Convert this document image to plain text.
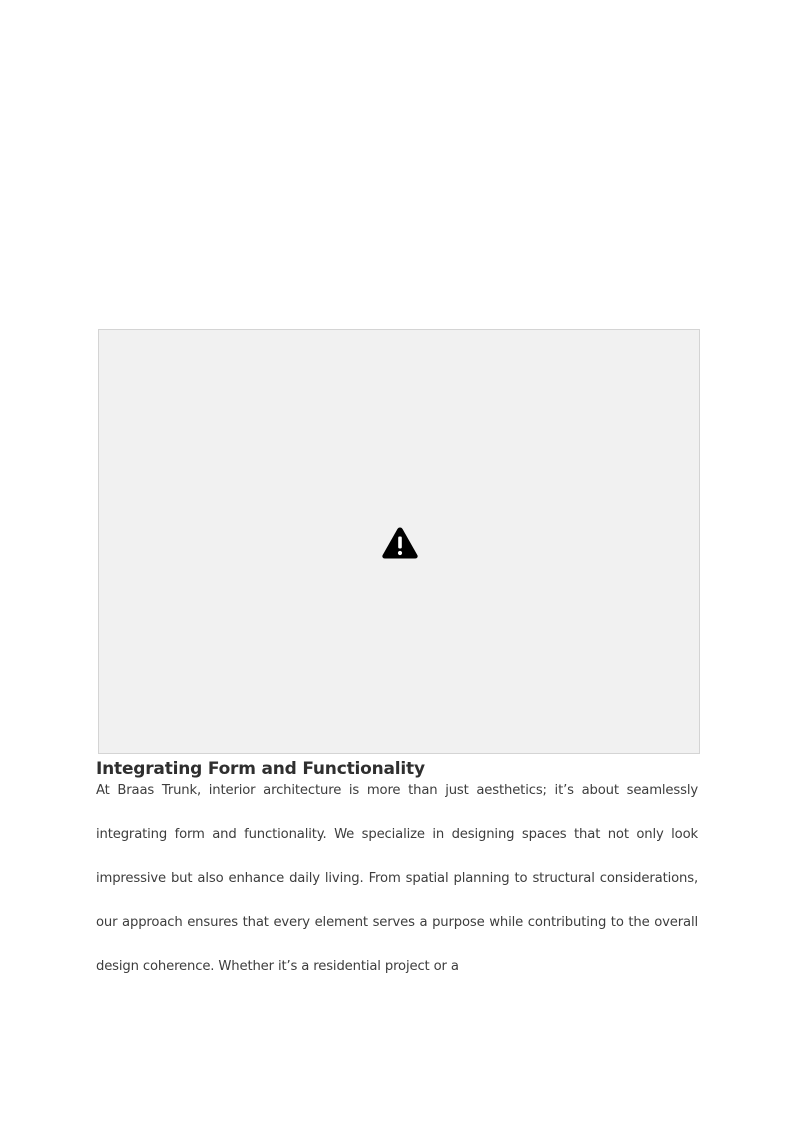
Integrating Form and Functionality

At Braas Trunk, interior architecture is more than just aesthetics; it’s about seamlessly integrating form and functionality. We specialize in designing spaces that not only look impressive but also enhance daily living. From spatial planning to structural considerations, our approach ensures that every element serves a purpose while contributing to the overall design coherence. Whether it’s a residential project or a
